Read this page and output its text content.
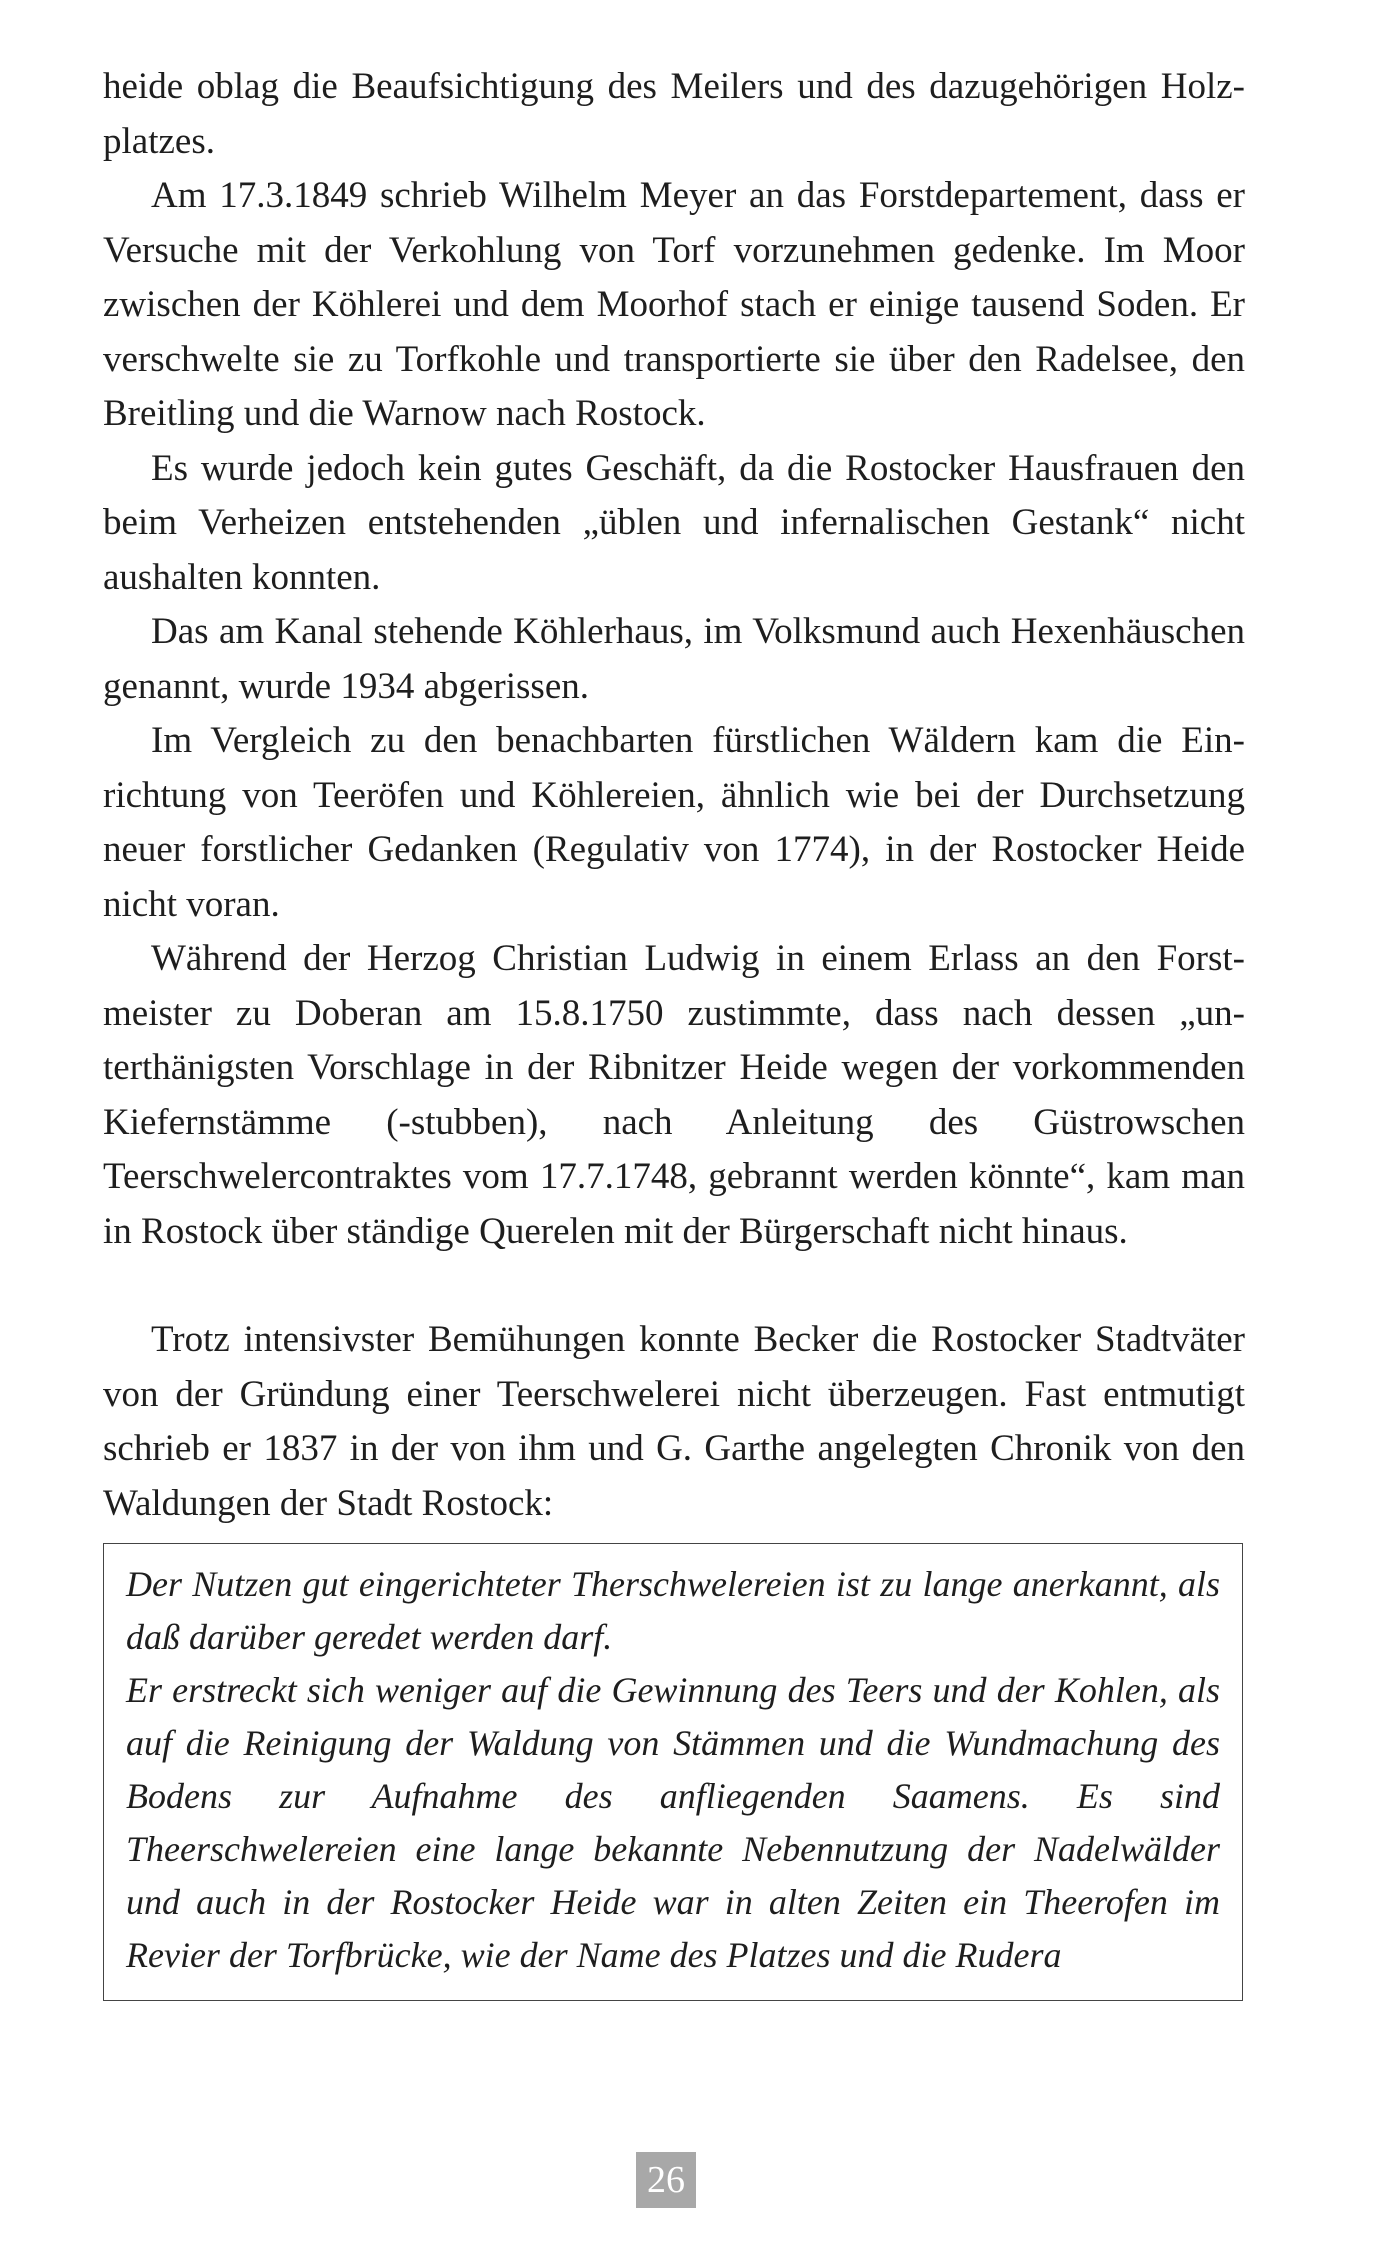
heide oblag die Beaufsichtigung des Meilers und des dazugehörigen Holzplatzes.

Am 17.3.1849 schrieb Wilhelm Meyer an das Forstdepartement, dass er Versuche mit der Verkohlung von Torf vorzunehmen gedenke. Im Moor zwischen der Köhlerei und dem Moorhof stach er einige tausend Soden. Er verschwelte sie zu Torfkohle und transportierte sie über den Radelsee, den Breitling und die Warnow nach Rostock.

Es wurde jedoch kein gutes Geschäft, da die Rostocker Hausfrauen den beim Verheizen entstehenden „üblen und infernalischen Gestank“ nicht aushalten konnten.

Das am Kanal stehende Köhlerhaus, im Volksmund auch Hexenhäuschen genannt, wurde 1934 abgerissen.

Im Vergleich zu den benachbarten fürstlichen Wäldern kam die Einrichtung von Teeröfen und Köhlereien, ähnlich wie bei der Durchsetzung neuer forstlicher Gedanken (Regulativ von 1774), in der Rostocker Heide nicht voran.

Während der Herzog Christian Ludwig in einem Erlass an den Forstmeister zu Doberan am 15.8.1750 zustimmte, dass nach dessen „unterthänigsten Vorschlage in der Ribnitzer Heide wegen der vorkommenden Kiefernstämme (-stubben), nach Anleitung des Güstrowschen Teerschwelercontraktes vom 17.7.1748, gebrannt werden könnte“, kam man in Rostock über ständige Querelen mit der Bürgerschaft nicht hinaus.

Trotz intensivster Bemühungen konnte Becker die Rostocker Stadtväter von der Gründung einer Teerschwelerei nicht überzeugen. Fast entmutigt schrieb er 1837 in der von ihm und G. Garthe angelegten Chronik von den Waldungen der Stadt Rostock:

Der Nutzen gut eingerichteter Therschwelereien ist zu lange anerkannt, als daß darüber geredet werden darf.

Er erstreckt sich weniger auf die Gewinnung des Teers und der Kohlen, als auf die Reinigung der Waldung von Stämmen und die Wundmachung des Bodens zur Aufnahme des anfliegenden Saamens. Es sind Theerschwelereien eine lange bekannte Nebennutzung der Nadelwälder und auch in der Rostocker Heide war in alten Zeiten ein Theerofen im Revier der Torfbrücke, wie der Name des Platzes und die Rudera

26
